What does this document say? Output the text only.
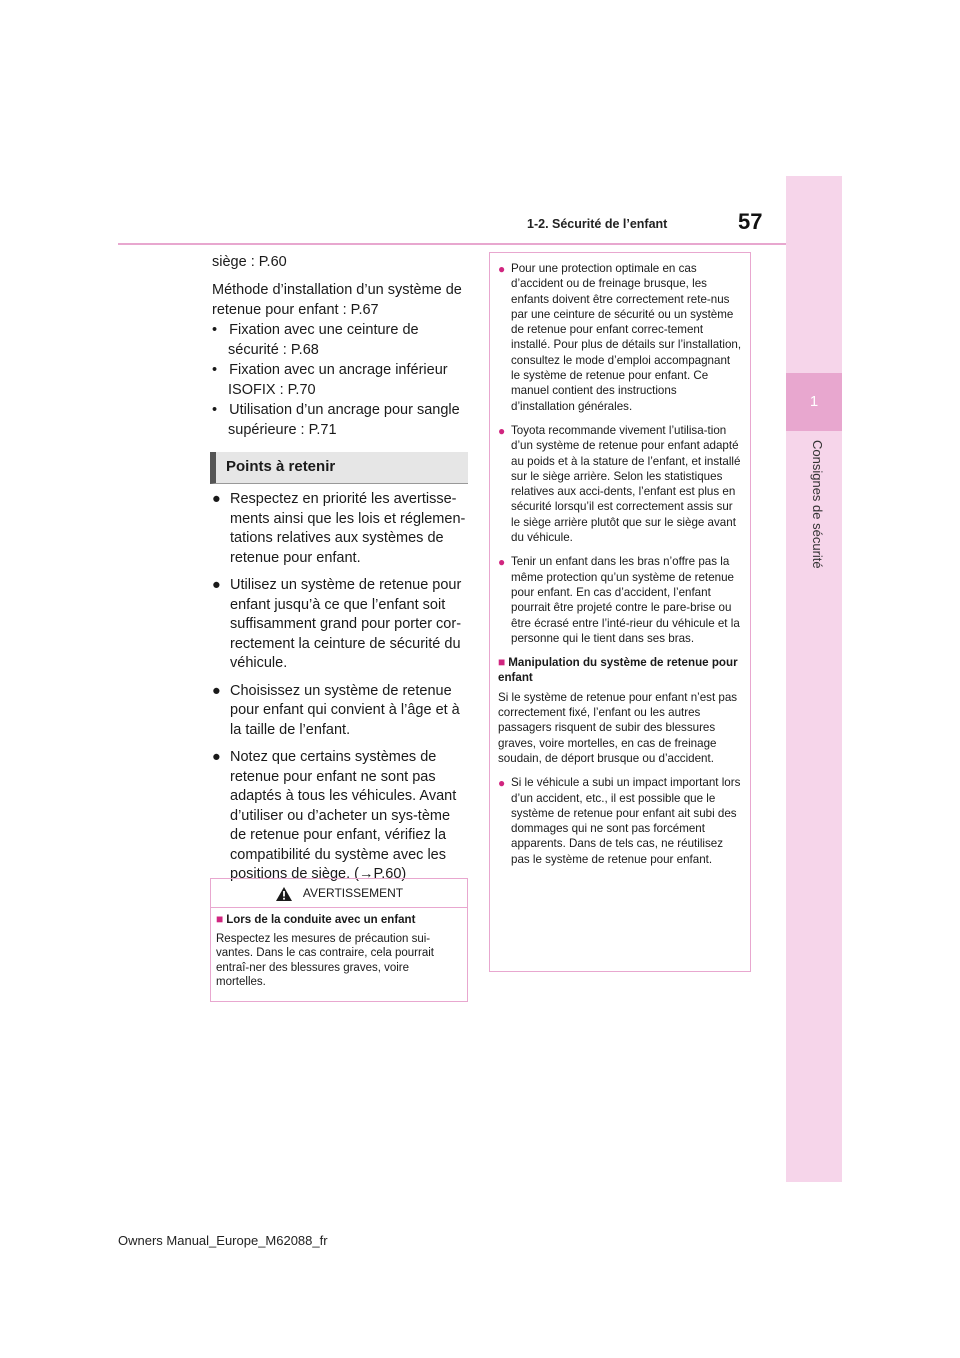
1
Consignes de sécurité
57
1-2. Sécurité de l’enfant

siège : P.60

Méthode d’installation d’un système de retenue pour enfant : P.67

•   Fixation avec une ceinture de sécurité : P.68

•   Fixation avec un ancrage inférieur ISOFIX : P.70

•   Utilisation d’un ancrage pour sangle supérieure : P.71

Points à retenir
● Respectez en priorité les avertisse-ments ainsi que les lois et réglemen-tations relatives aux systèmes de retenue pour enfant.
● Utilisez un système de retenue pour enfant jusqu’à ce que l’enfant soit suffisamment grand pour porter cor-rectement la ceinture de sécurité du véhicule.
● Choisissez un système de retenue pour enfant qui convient à l’âge et à la taille de l’enfant.
● Notez que certains systèmes de retenue pour enfant ne sont pas adaptés à tous les véhicules. Avant d’utiliser ou d’acheter un sys-tème de retenue pour enfant, vérifiez la compatibilité du système avec les positions de siège. (→P.60)
AVERTISSEMENT
■ Lors de la conduite avec un enfant
Respectez les mesures de précaution sui-vantes. Dans le cas contraire, cela pourrait entraî-ner des blessures graves, voire mortelles.
● Pour une protection optimale en cas d’accident ou de freinage brusque, les enfants doivent être correctement rete-nus par une ceinture de sécurité ou un système de retenue pour enfant correc-tement installé. Pour plus de détails sur l’installation, consultez le mode d’emploi accompagnant le système de retenue pour enfant. Ce manuel contient des instructions d’installation générales.
● Toyota recommande vivement l’utilisa-tion d’un système de retenue pour enfant adapté au poids et à la stature de l’enfant, et installé sur le siège arrière. Selon les statistiques relatives aux acci-dents, l’enfant est plus en sécurité lorsqu’il est correctement assis sur le siège arrière plutôt que sur le siège avant du véhicule.
● Tenir un enfant dans les bras n’offre pas la même protection qu’un système de retenue pour enfant. En cas d’accident, l’enfant pourrait être projeté contre le pare-brise ou être écrasé entre l’inté-rieur du véhicule et la personne qui le tient dans ses bras.
■ Manipulation du système de retenue pour enfant
Si le système de retenue pour enfant n’est pas correctement fixé, l’enfant ou les autres passagers risquent de subir des blessures graves, voire mortelles, en cas de freinage soudain, de déport brusque ou d’accident.
● Si le véhicule a subi un impact important lors d’un accident, etc., il est possible que le système de retenue pour enfant ait subi des dommages qui ne sont pas forcément apparents. Dans de tels cas, ne réutilisez pas le système de retenue pour enfant.
Owners Manual_Europe_M62088_fr
